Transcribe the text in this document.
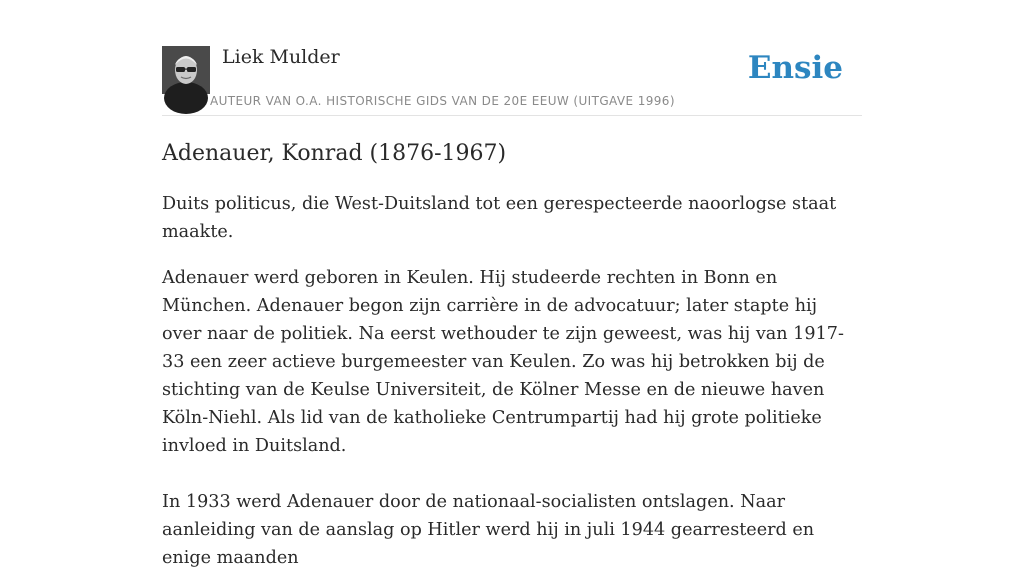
Liek Mulder
AUTEUR VAN O.A. HISTORISCHE GIDS VAN DE 20E EEUW (UITGAVE 1996)
Ensie
Adenauer, Konrad (1876-1967)

Duits politicus, die West-Duitsland tot een gerespecteerde naoorlogse staat maakte.

Adenauer werd geboren in Keulen. Hij studeerde rechten in Bonn en München. Adenauer begon zijn carrière in de advocatuur; later stapte hij over naar de politiek. Na eerst wethouder te zijn geweest, was hij van 1917-33 een zeer actieve burgemeester van Keulen. Zo was hij betrokken bij de stichting van de Keulse Universiteit, de Kölner Messe en de nieuwe haven Köln-Niehl. Als lid van de katholieke Centrumpartij had hij grote politieke invloed in Duitsland.

In 1933 werd Adenauer door de nationaal-socialisten ontslagen. Naar aanleiding van de aanslag op Hitler werd hij in juli 1944 gearresteerd en enige maanden
